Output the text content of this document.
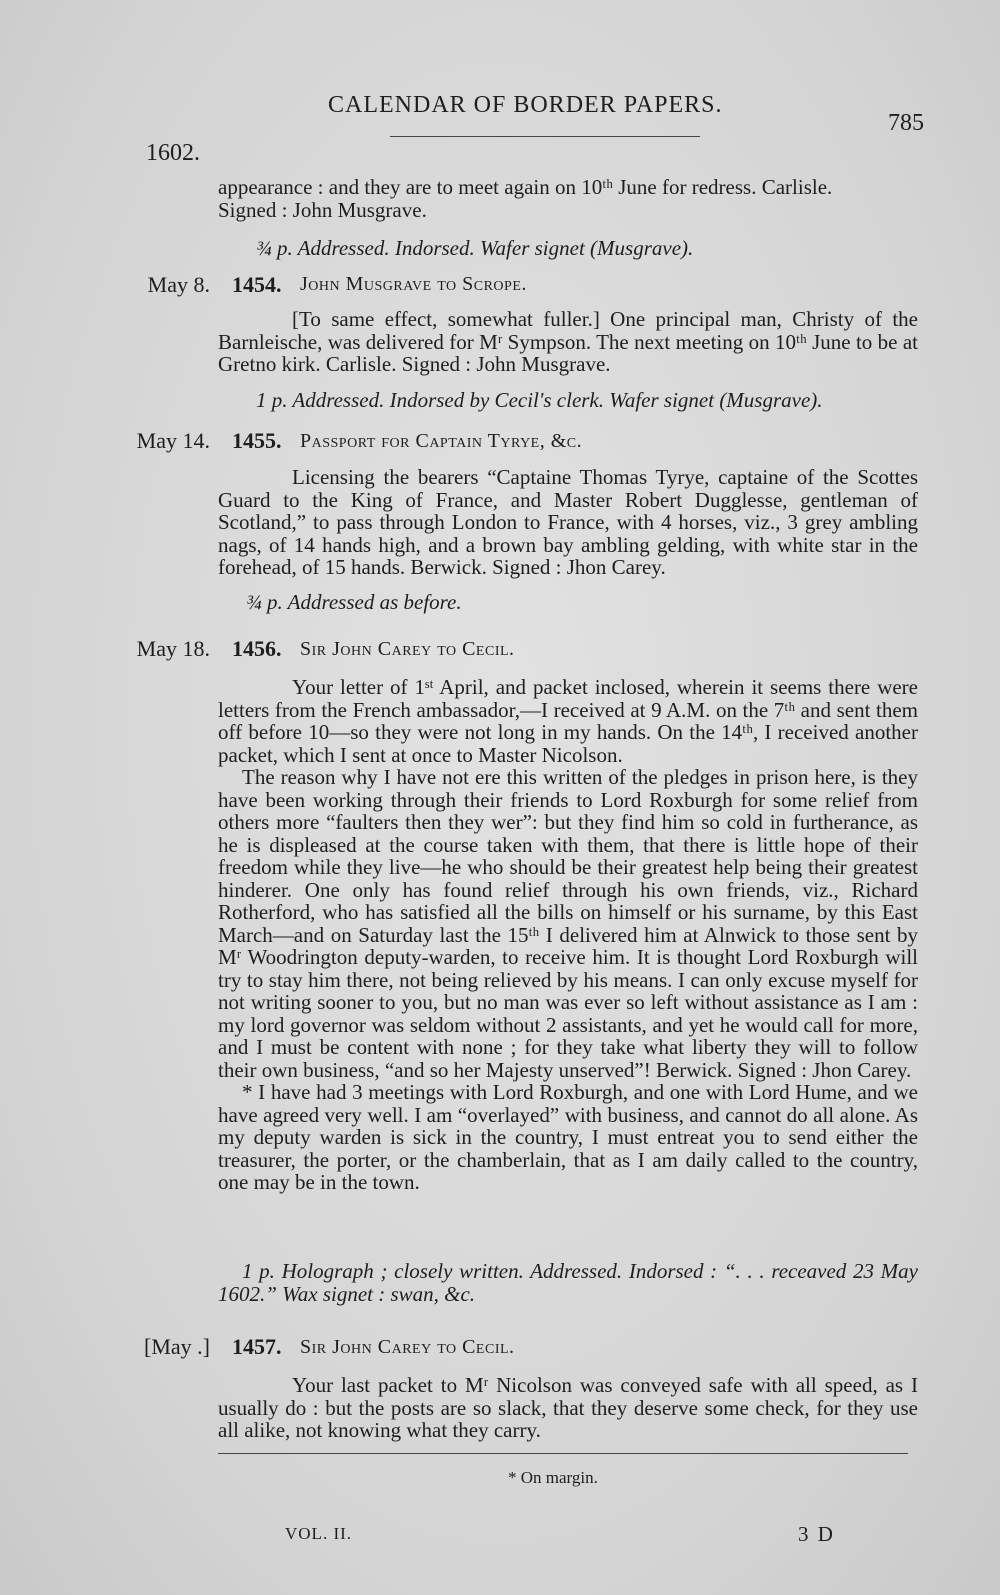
CALENDAR OF BORDER PAPERS.
785
1602.

appearance : and they are to meet again on 10ᵗʰ June for redress. Carlisle.

Signed : John Musgrave.

¾ p. Addressed. Indorsed. Wafer signet (Musgrave).
May 8. 1454. John Musgrave to Scrope.

[To same effect, somewhat fuller.] One principal man, Christy of the Barnleische, was delivered for Mʳ Sympson. The next meeting on 10ᵗʰ June to be at Gretno kirk. Carlisle. Signed : John Musgrave.

1 p. Addressed. Indorsed by Cecil's clerk. Wafer signet (Musgrave).
May 14. 1455. Passport for Captain Tyrye, &c.

Licensing the bearers “Captaine Thomas Tyrye, captaine of the Scottes Guard to the King of France, and Master Robert Dugglesse, gentleman of Scotland,” to pass through London to France, with 4 horses, viz., 3 grey ambling nags, of 14 hands high, and a brown bay ambling gelding, with white star in the forehead, of 15 hands. Berwick. Signed : Jhon Carey.

¾ p. Addressed as before.
May 18. 1456. Sir John Carey to Cecil.

Your letter of 1ˢᵗ April, and packet inclosed, wherein it seems there were letters from the French ambassador,—I received at 9 A.M. on the 7ᵗʰ and sent them off before 10—so they were not long in my hands. On the 14ᵗʰ, I received another packet, which I sent at once to Master Nicolson.

The reason why I have not ere this written of the pledges in prison here, is they have been working through their friends to Lord Roxburgh for some relief from others more “faulters then they wer”: but they find him so cold in furtherance, as he is displeased at the course taken with them, that there is little hope of their freedom while they live—he who should be their greatest help being their greatest hinderer. One only has found relief through his own friends, viz., Richard Rotherford, who has satisfied all the bills on himself or his surname, by this East March—and on Saturday last the 15ᵗʰ I delivered him at Alnwick to those sent by Mʳ Woodrington deputy-warden, to receive him. It is thought Lord Roxburgh will try to stay him there, not being relieved by his means. I can only excuse myself for not writing sooner to you, but no man was ever so left without assistance as I am : my lord governor was seldom without 2 assistants, and yet he would call for more, and I must be content with none ; for they take what liberty they will to follow their own business, “and so her Majesty unserved”! Berwick. Signed : Jhon Carey.

* I have had 3 meetings with Lord Roxburgh, and one with Lord Hume, and we have agreed very well. I am “overlayed” with business, and cannot do all alone. As my deputy warden is sick in the country, I must entreat you to send either the treasurer, the porter, or the chamberlain, that as I am daily called to the country, one may be in the town.

1 p. Holograph ; closely written. Addressed. Indorsed : “. . . receaved 23 May 1602.” Wax signet : swan, &c.

[May .] 1457. Sir John Carey to Cecil.

Your last packet to Mʳ Nicolson was conveyed safe with all speed, as I usually do : but the posts are so slack, that they deserve some check, for they use all alike, not knowing what they carry.

* On margin.
VOL. II.	3 D
